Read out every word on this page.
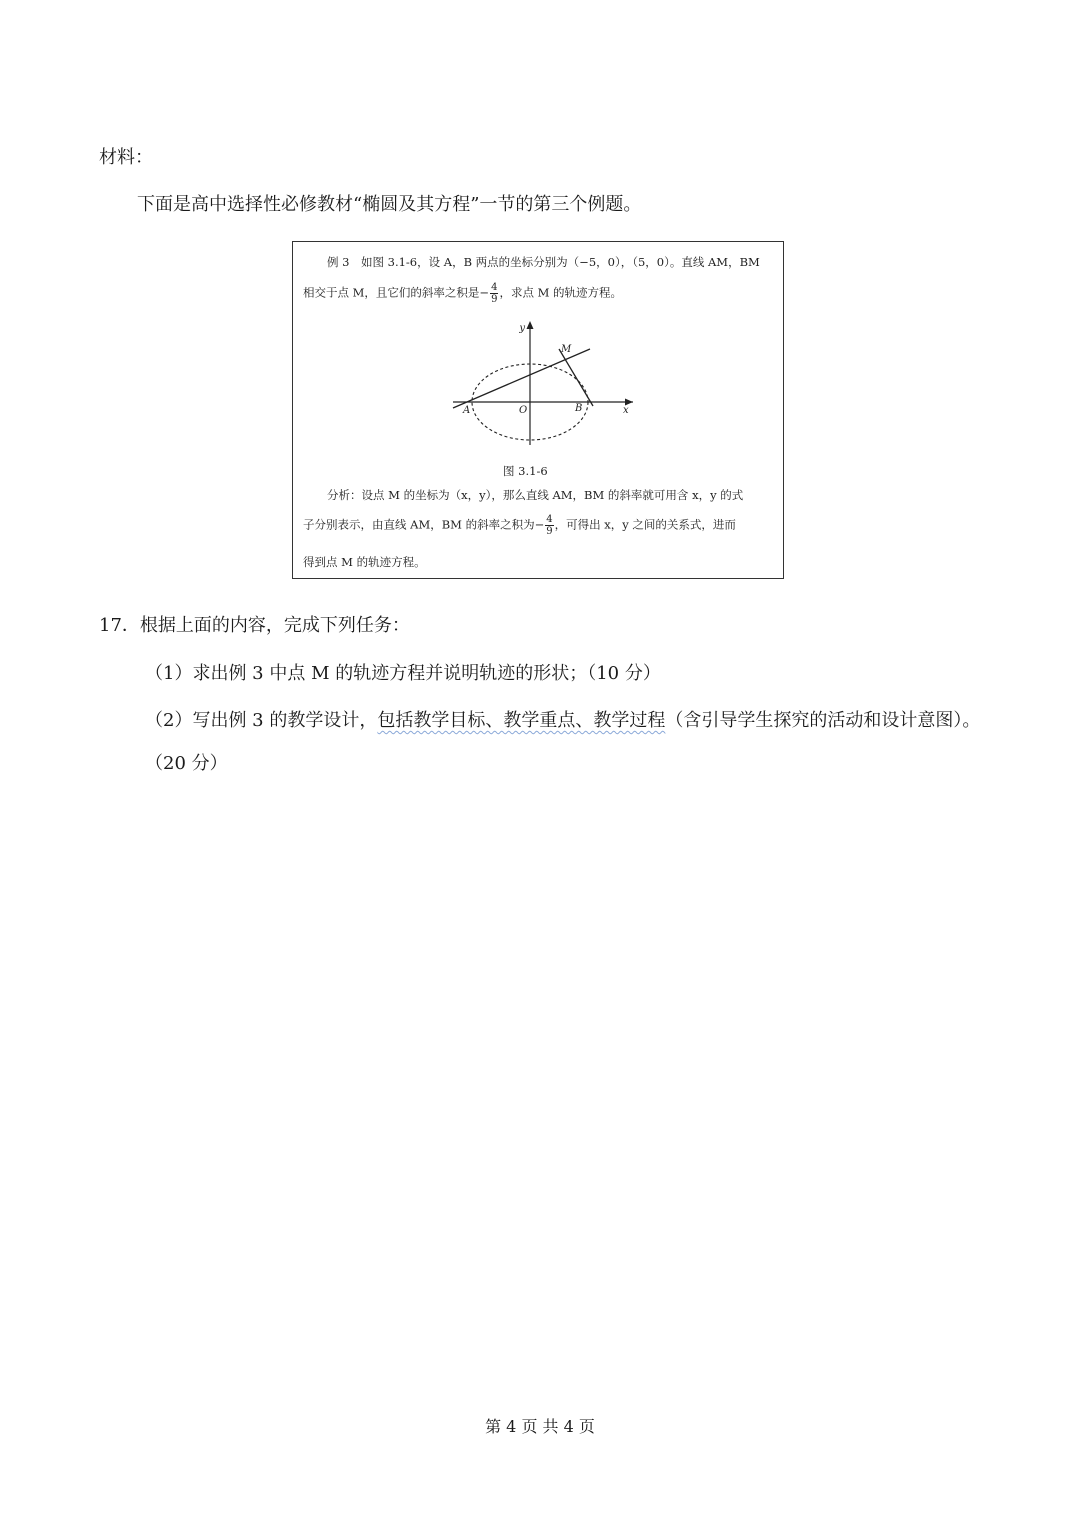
材料：
下面是高中选择性必修教材“椭圆及其方程”一节的第三个例题。
例 3　如图 3.1-6，设 A，B 两点的坐标分别为（−5，0），（5，0）。直线 AM，BM
相交于点 M，且它们的斜率之积是− $\frac{4}{9}$ ，求点 M 的轨迹方程。
y
x
O
A	B
M
图 3.1-6
分析：设点 M 的坐标为（x，y），那么直线 AM，BM 的斜率就可用含 x，y 的式
子分别表示，由直线 AM，BM 的斜率之积为− $\frac{4}{9}$ ，可得出 x，y 之间的关系式，进而
得到点 M 的轨迹方程。
17．根据上面的内容，完成下列任务：
（1）求出例 3 中点 M 的轨迹方程并说明轨迹的形状；（10 分）
（2）写出例 3 的教学设计，包括教学目标、教学重点、教学过程（含引导学生探究的活动和设计意图）。
（20 分）
第 4 页 共 4 页
